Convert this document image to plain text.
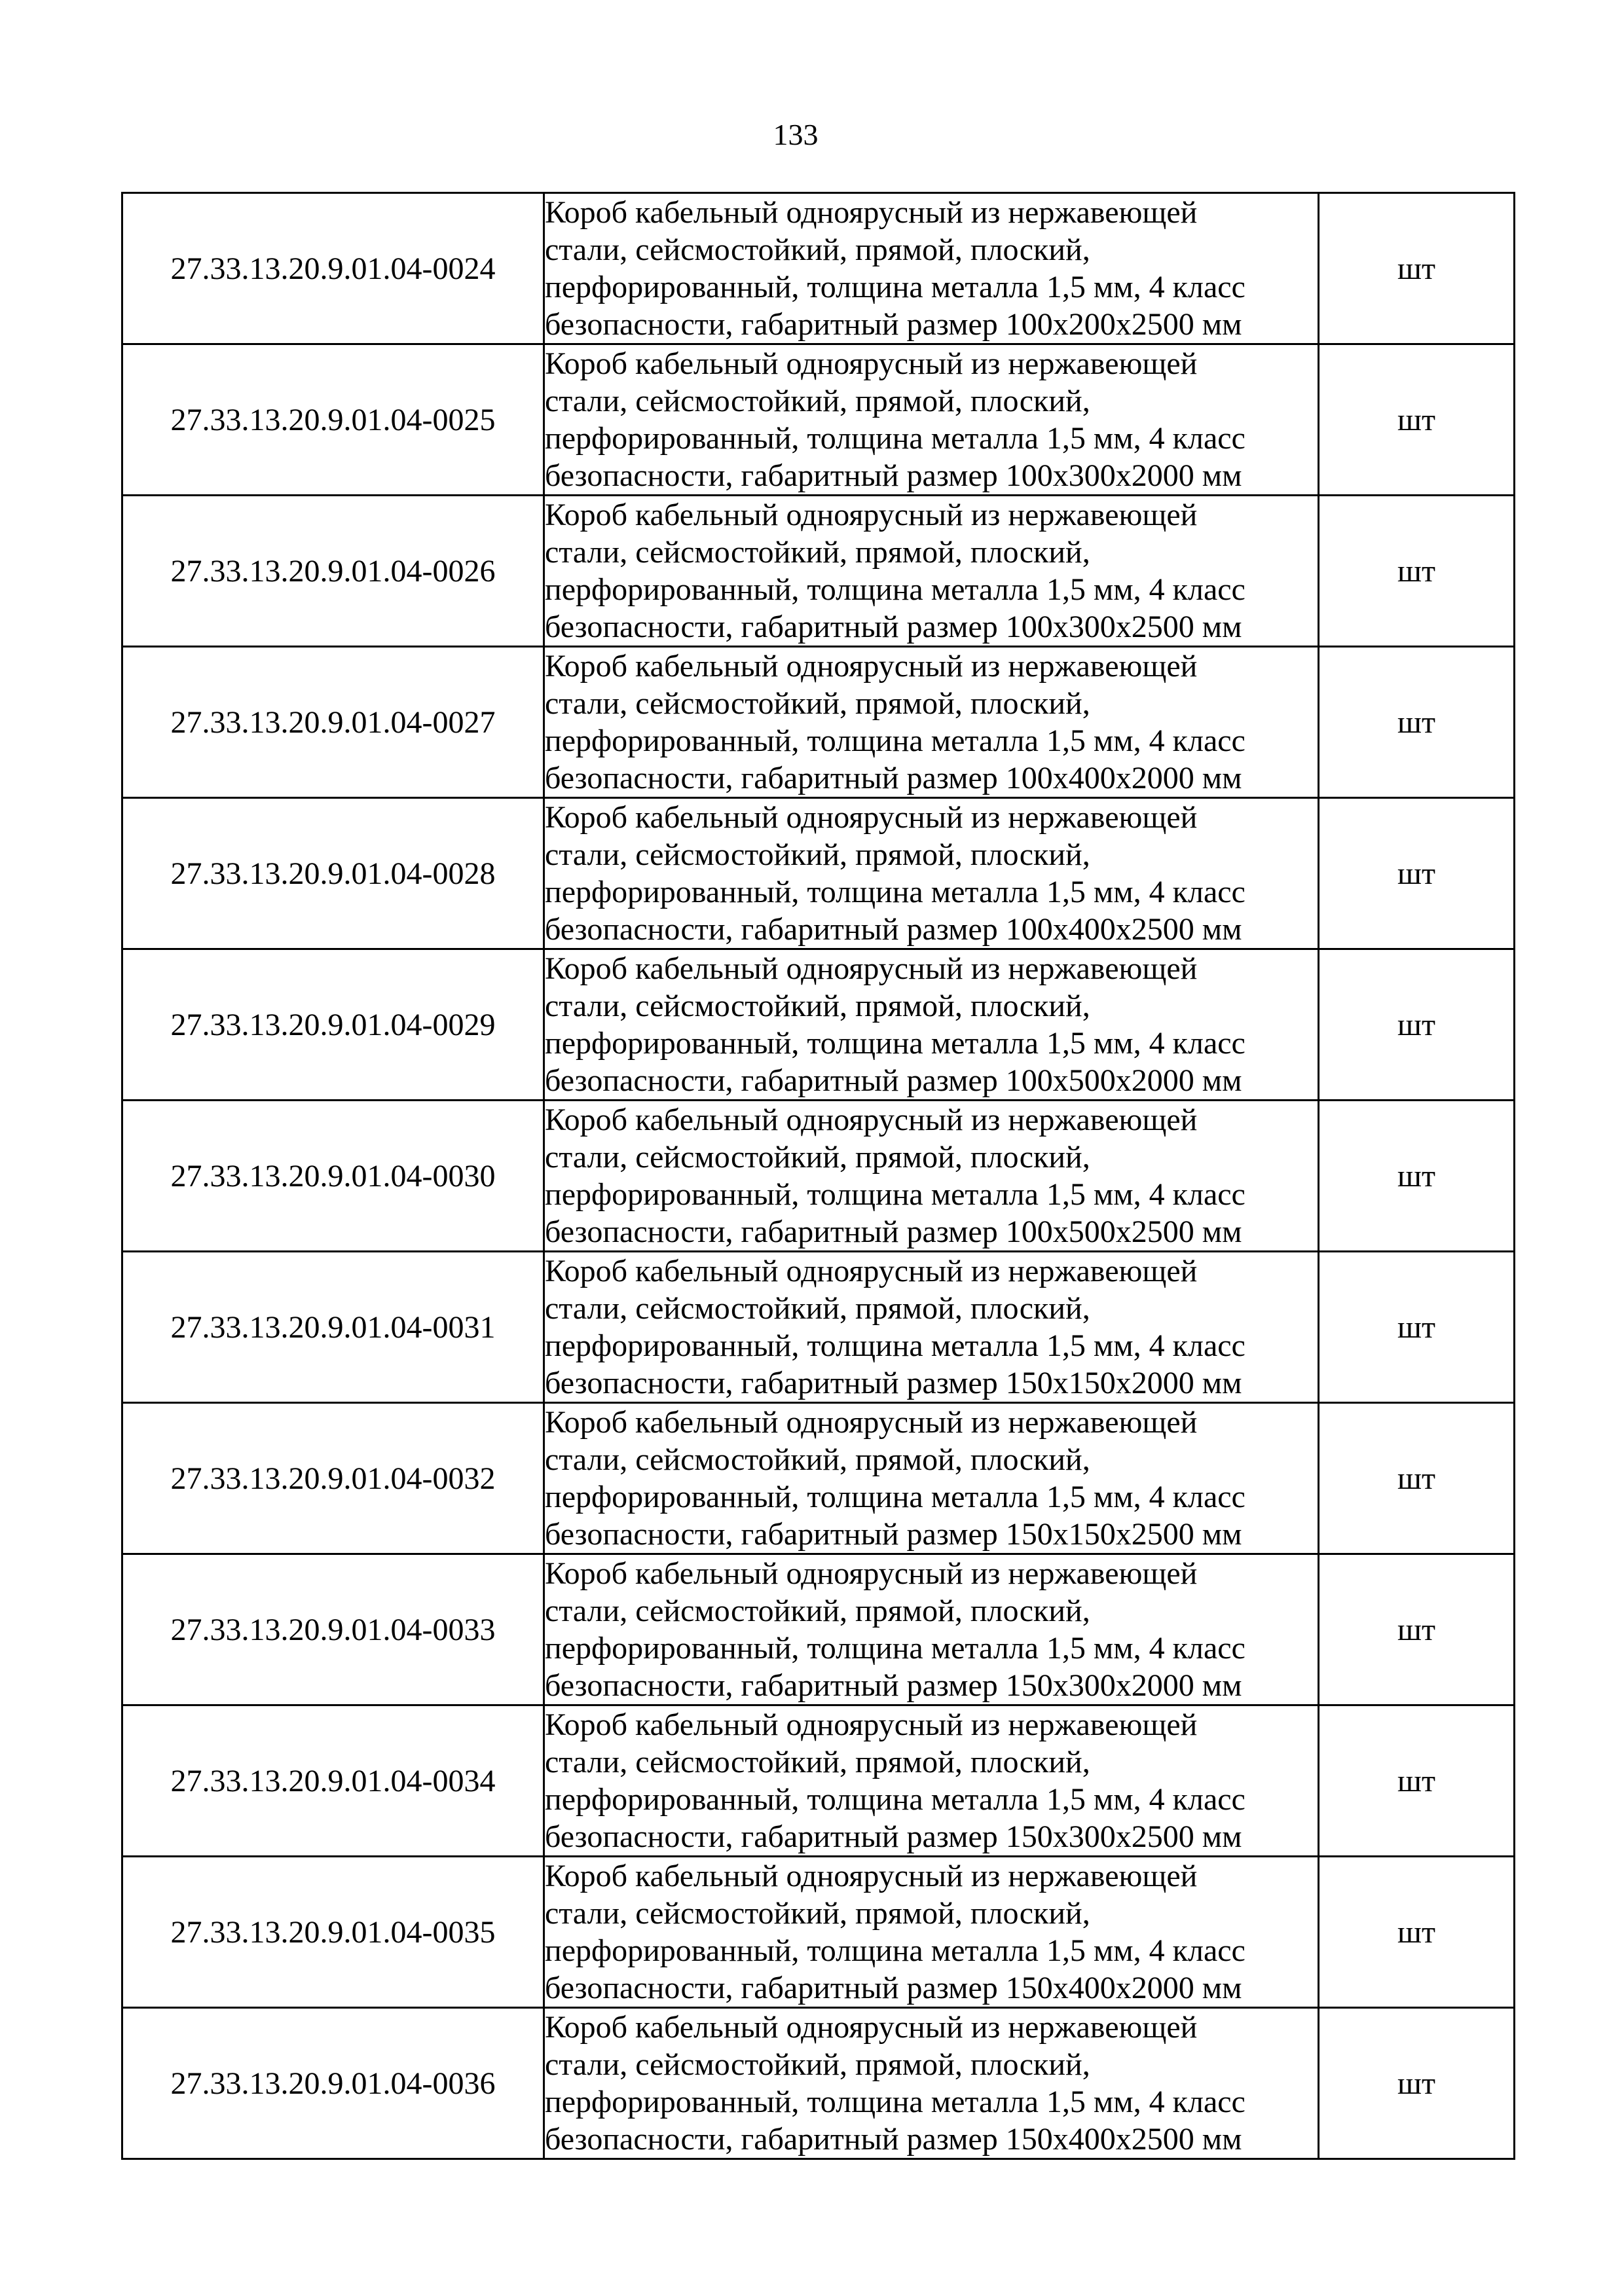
133
27.33.13.20.9.01.04-0024	Короб кабельный одноярусный из нержавеющей
стали, сейсмостойкий, прямой, плоский,
перфорированный, толщина металла 1,5 мм, 4 класс
безопасности, габаритный размер 100x200x2500 мм	шт
27.33.13.20.9.01.04-0025	Короб кабельный одноярусный из нержавеющей
стали, сейсмостойкий, прямой, плоский,
перфорированный, толщина металла 1,5 мм, 4 класс
безопасности, габаритный размер 100x300x2000 мм	шт
27.33.13.20.9.01.04-0026	Короб кабельный одноярусный из нержавеющей
стали, сейсмостойкий, прямой, плоский,
перфорированный, толщина металла 1,5 мм, 4 класс
безопасности, габаритный размер 100x300x2500 мм	шт
27.33.13.20.9.01.04-0027	Короб кабельный одноярусный из нержавеющей
стали, сейсмостойкий, прямой, плоский,
перфорированный, толщина металла 1,5 мм, 4 класс
безопасности, габаритный размер 100x400x2000 мм	шт
27.33.13.20.9.01.04-0028	Короб кабельный одноярусный из нержавеющей
стали, сейсмостойкий, прямой, плоский,
перфорированный, толщина металла 1,5 мм, 4 класс
безопасности, габаритный размер 100x400x2500 мм	шт
27.33.13.20.9.01.04-0029	Короб кабельный одноярусный из нержавеющей
стали, сейсмостойкий, прямой, плоский,
перфорированный, толщина металла 1,5 мм, 4 класс
безопасности, габаритный размер 100x500x2000 мм	шт
27.33.13.20.9.01.04-0030	Короб кабельный одноярусный из нержавеющей
стали, сейсмостойкий, прямой, плоский,
перфорированный, толщина металла 1,5 мм, 4 класс
безопасности, габаритный размер 100x500x2500 мм	шт
27.33.13.20.9.01.04-0031	Короб кабельный одноярусный из нержавеющей
стали, сейсмостойкий, прямой, плоский,
перфорированный, толщина металла 1,5 мм, 4 класс
безопасности, габаритный размер 150x150x2000 мм	шт
27.33.13.20.9.01.04-0032	Короб кабельный одноярусный из нержавеющей
стали, сейсмостойкий, прямой, плоский,
перфорированный, толщина металла 1,5 мм, 4 класс
безопасности, габаритный размер 150x150x2500 мм	шт
27.33.13.20.9.01.04-0033	Короб кабельный одноярусный из нержавеющей
стали, сейсмостойкий, прямой, плоский,
перфорированный, толщина металла 1,5 мм, 4 класс
безопасности, габаритный размер 150x300x2000 мм	шт
27.33.13.20.9.01.04-0034	Короб кабельный одноярусный из нержавеющей
стали, сейсмостойкий, прямой, плоский,
перфорированный, толщина металла 1,5 мм, 4 класс
безопасности, габаритный размер 150x300x2500 мм	шт
27.33.13.20.9.01.04-0035	Короб кабельный одноярусный из нержавеющей
стали, сейсмостойкий, прямой, плоский,
перфорированный, толщина металла 1,5 мм, 4 класс
безопасности, габаритный размер 150x400x2000 мм	шт
27.33.13.20.9.01.04-0036	Короб кабельный одноярусный из нержавеющей
стали, сейсмостойкий, прямой, плоский,
перфорированный, толщина металла 1,5 мм, 4 класс
безопасности, габаритный размер 150x400x2500 мм	шт
